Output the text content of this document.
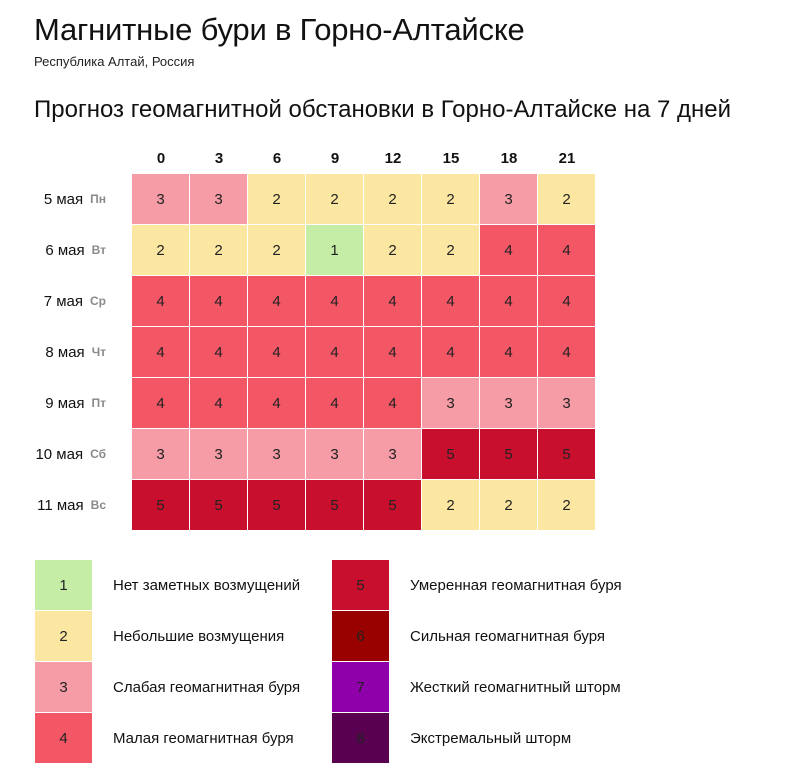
Магнитные бури в Горно-Алтайске
Республика Алтай, Россия
Прогноз геомагнитной обстановки в Горно-Алтайске на 7 дней
0	3	6	9	12	15	18	21
5 мая Пн	3	3	2	2	2	2	3	2
6 мая Вт	2	2	2	1	2	2	4	4
7 мая Ср	4	4	4	4	4	4	4	4
8 мая Чт	4	4	4	4	4	4	4	4
9 мая Пт	4	4	4	4	4	3	3	3
10 мая Сб	3	3	3	3	3	5	5	5
11 мая Вс	5	5	5	5	5	2	2	2
1	Нет заметных возмущений
2	Небольшие возмущения
3	Слабая геомагнитная буря
4	Малая геомагнитная буря
5	Умеренная геомагнитная буря
6	Сильная геомагнитная буря
7	Жесткий геомагнитный шторм
8	Экстремальный шторм
